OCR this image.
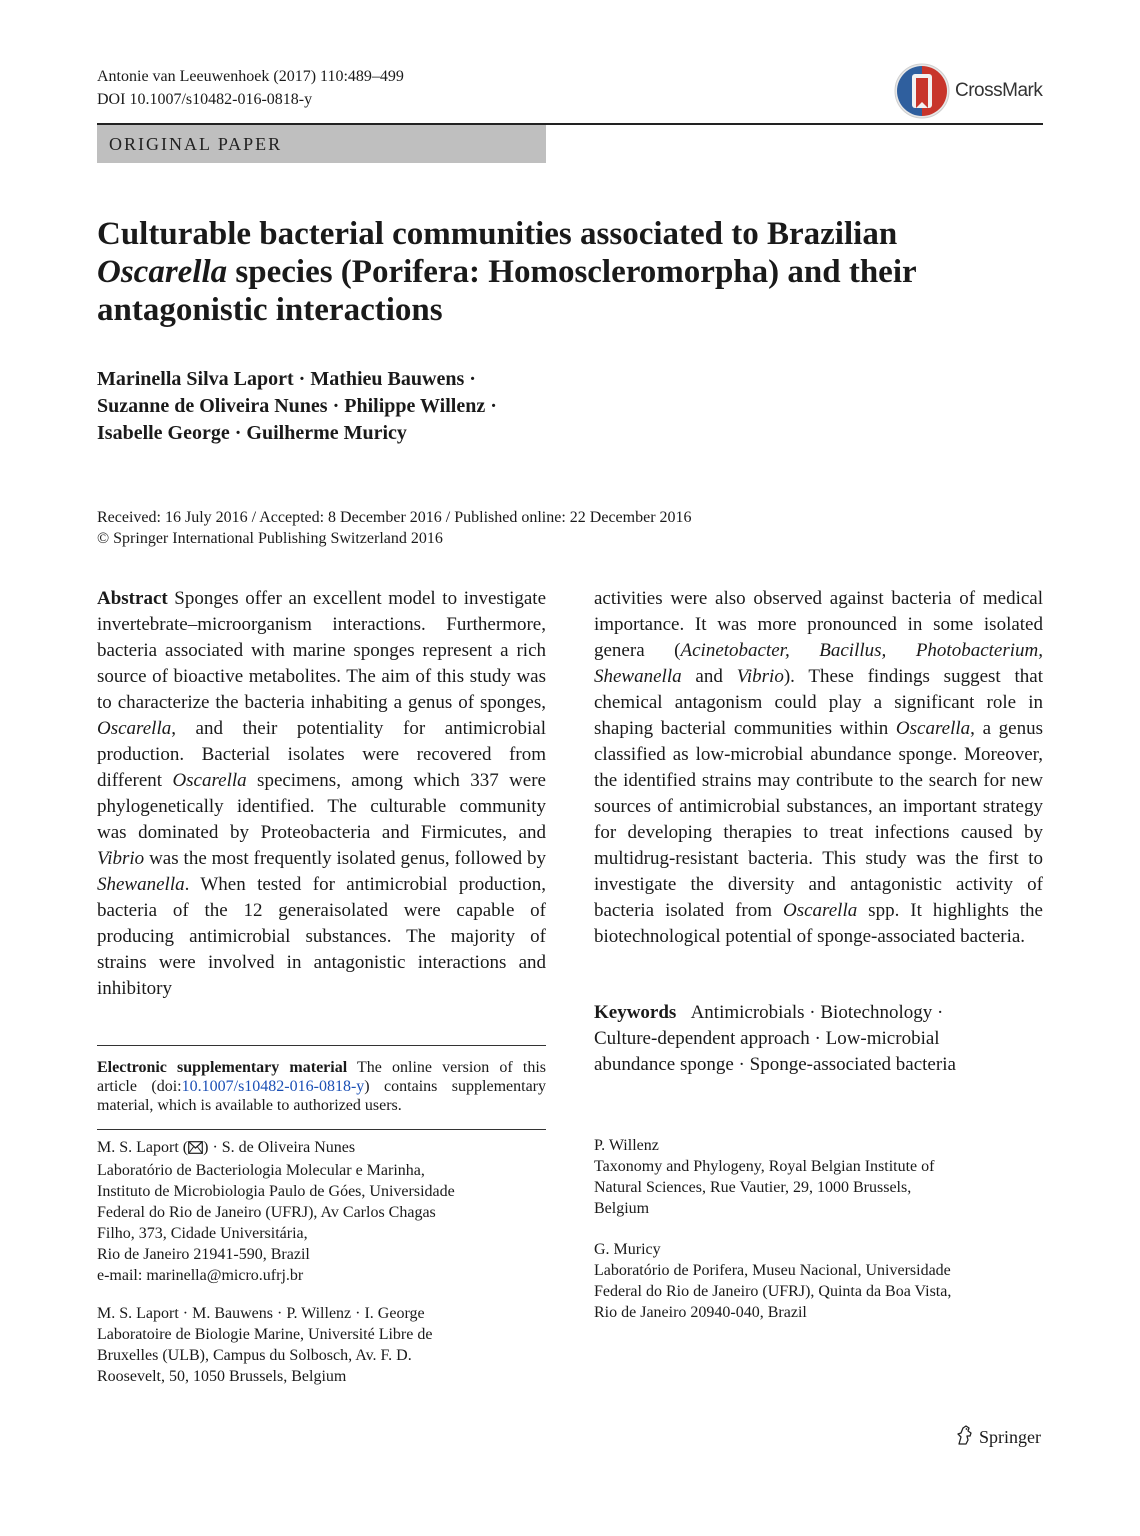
Antonie van Leeuwenhoek (2017) 110:489–499
DOI 10.1007/s10482-016-0818-y	CrossMark
ORIGINAL PAPER
Culturable bacterial communities associated to Brazilian
Oscarella species (Porifera: Homoscleromorpha) and their
antagonistic interactions
Marinella Silva Laport · Mathieu Bauwens ·
Suzanne de Oliveira Nunes · Philippe Willenz ·
Isabelle George · Guilherme Muricy
Received: 16 July 2016 / Accepted: 8 December 2016 / Published online: 22 December 2016
© Springer International Publishing Switzerland 2016
Abstract Sponges offer an excellent model to investigate invertebrate–microorganism interactions. Furthermore, bacteria associated with marine sponges represent a rich source of bioactive metabolites. The aim of this study was to characterize the bacteria inhabiting a genus of sponges, Oscarella, and their potentiality for antimicrobial production. Bacterial isolates were recovered from different Oscarella specimens, among which 337 were phylogenetically identified. The culturable community was dominated by Proteobacteria and Firmicutes, and Vibrio was the most frequently isolated genus, followed by Shewanella. When tested for antimicrobial production, bacteria of the 12 generaisolated were capable of producing antimicrobial substances. The majority of strains were involved in antagonistic interactions and inhibitory
activities were also observed against bacteria of medical importance. It was more pronounced in some isolated genera (Acinetobacter, Bacillus, Photobacterium, Shewanella and Vibrio). These findings suggest that chemical antagonism could play a significant role in shaping bacterial communities within Oscarella, a genus classified as low-microbial abundance sponge. Moreover, the identified strains may contribute to the search for new sources of antimicrobial substances, an important strategy for developing therapies to treat infections caused by multidrug-resistant bacteria. This study was the first to investigate the diversity and antagonistic activity of bacteria isolated from Oscarella spp. It highlights the biotechnological potential of sponge-associated bacteria.
Keywords Antimicrobials · Biotechnology ·
Culture-dependent approach · Low-microbial
abundance sponge · Sponge-associated bacteria
Electronic supplementary material The online version of this article (doi:10.1007/s10482-016-0818-y) contains supplementary material, which is available to authorized users.
M. S. Laport ( ) · S. de Oliveira Nunes
Laboratório de Bacteriologia Molecular e Marinha,
Instituto de Microbiologia Paulo de Góes, Universidade
Federal do Rio de Janeiro (UFRJ), Av Carlos Chagas
Filho, 373, Cidade Universitária,
Rio de Janeiro 21941-590, Brazil
e-mail: marinella@micro.ufrj.br
M. S. Laport · M. Bauwens · P. Willenz · I. George
Laboratoire de Biologie Marine, Université Libre de
Bruxelles (ULB), Campus du Solbosch, Av. F. D.
Roosevelt, 50, 1050 Brussels, Belgium
P. Willenz
Taxonomy and Phylogeny, Royal Belgian Institute of
Natural Sciences, Rue Vautier, 29, 1000 Brussels,
Belgium
G. Muricy
Laboratório de Porifera, Museu Nacional, Universidade
Federal do Rio de Janeiro (UFRJ), Quinta da Boa Vista,
Rio de Janeiro 20940-040, Brazil
Springer
